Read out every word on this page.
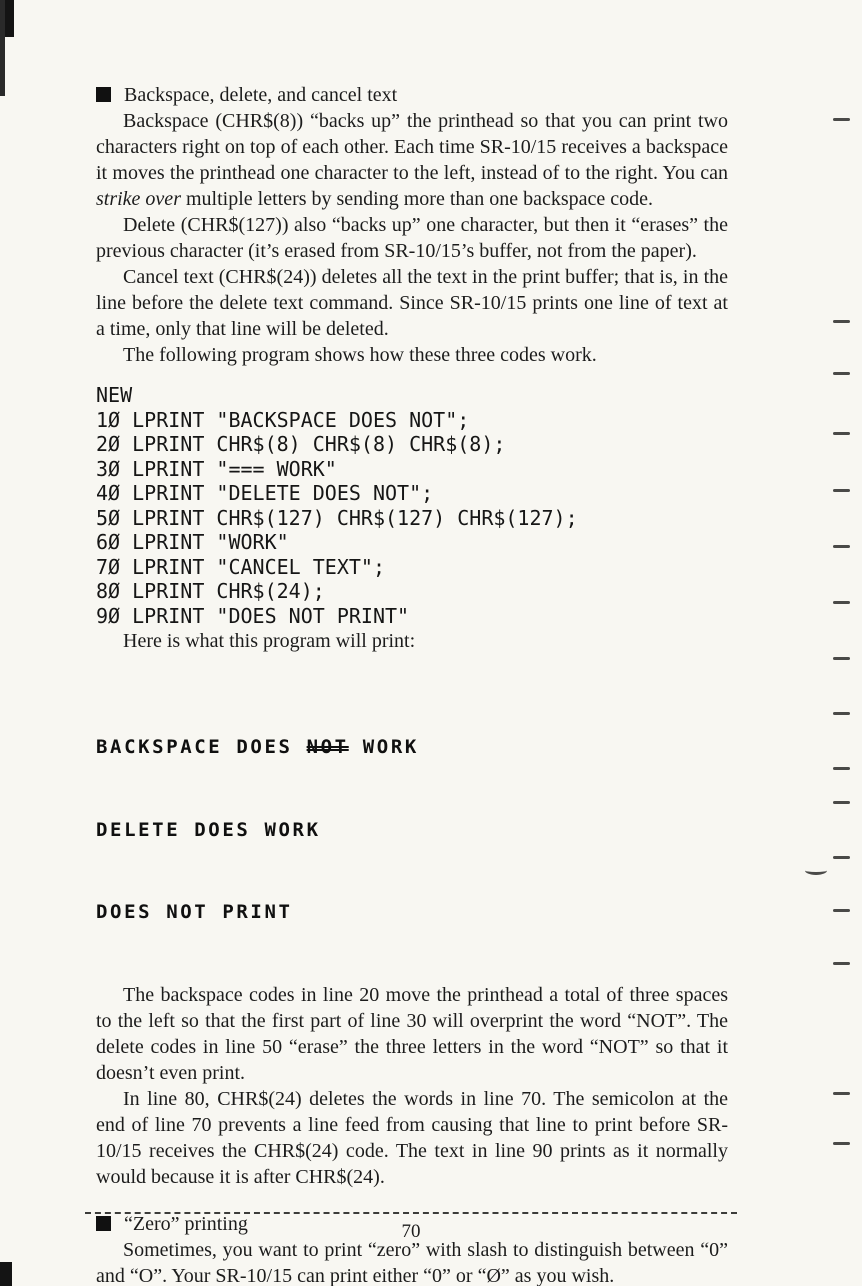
Backspace, delete, and cancel text

Backspace (CHR$(8)) “backs up” the printhead so that you can print two characters right on top of each other. Each time SR-10/15 receives a backspace it moves the printhead one character to the left, instead of to the right. You can strike over multiple letters by sending more than one backspace code.

Delete (CHR$(127)) also “backs up” one character, but then it “erases” the previous character (it’s erased from SR-10/15’s buffer, not from the paper).

Cancel text (CHR$(24)) deletes all the text in the print buffer; that is, in the line before the delete text command. Since SR-10/15 prints one line of text at a time, only that line will be deleted.

The following program shows how these three codes work.

NEW
1Ø LPRINT "BACKSPACE DOES NOT";
2Ø LPRINT CHR$(8) CHR$(8) CHR$(8);
3Ø LPRINT "=== WORK"
4Ø LPRINT "DELETE DOES NOT";
5Ø LPRINT CHR$(127) CHR$(127) CHR$(127);
6Ø LPRINT "WORK"
7Ø LPRINT "CANCEL TEXT";
8Ø LPRINT CHR$(24);
9Ø LPRINT "DOES NOT PRINT"

Here is what this program will print:

BACKSPACE DOES NOT WORK

DELETE DOES WORK

DOES NOT PRINT

The backspace codes in line 20 move the printhead a total of three spaces to the left so that the first part of line 30 will overprint the word “NOT”. The delete codes in line 50 “erase” the three letters in the word “NOT” so that it doesn’t even print.

In line 80, CHR$(24) deletes the words in line 70. The semicolon at the end of line 70 prevents a line feed from causing that line to print before SR-10/15 receives the CHR$(24) code. The text in line 90 prints as it normally would because it is after CHR$(24).

“Zero” printing

Sometimes, you want to print “zero” with slash to distinguish between “0” and “O”. Your SR-10/15 can print either “0” or “Ø” as you wish.

70
